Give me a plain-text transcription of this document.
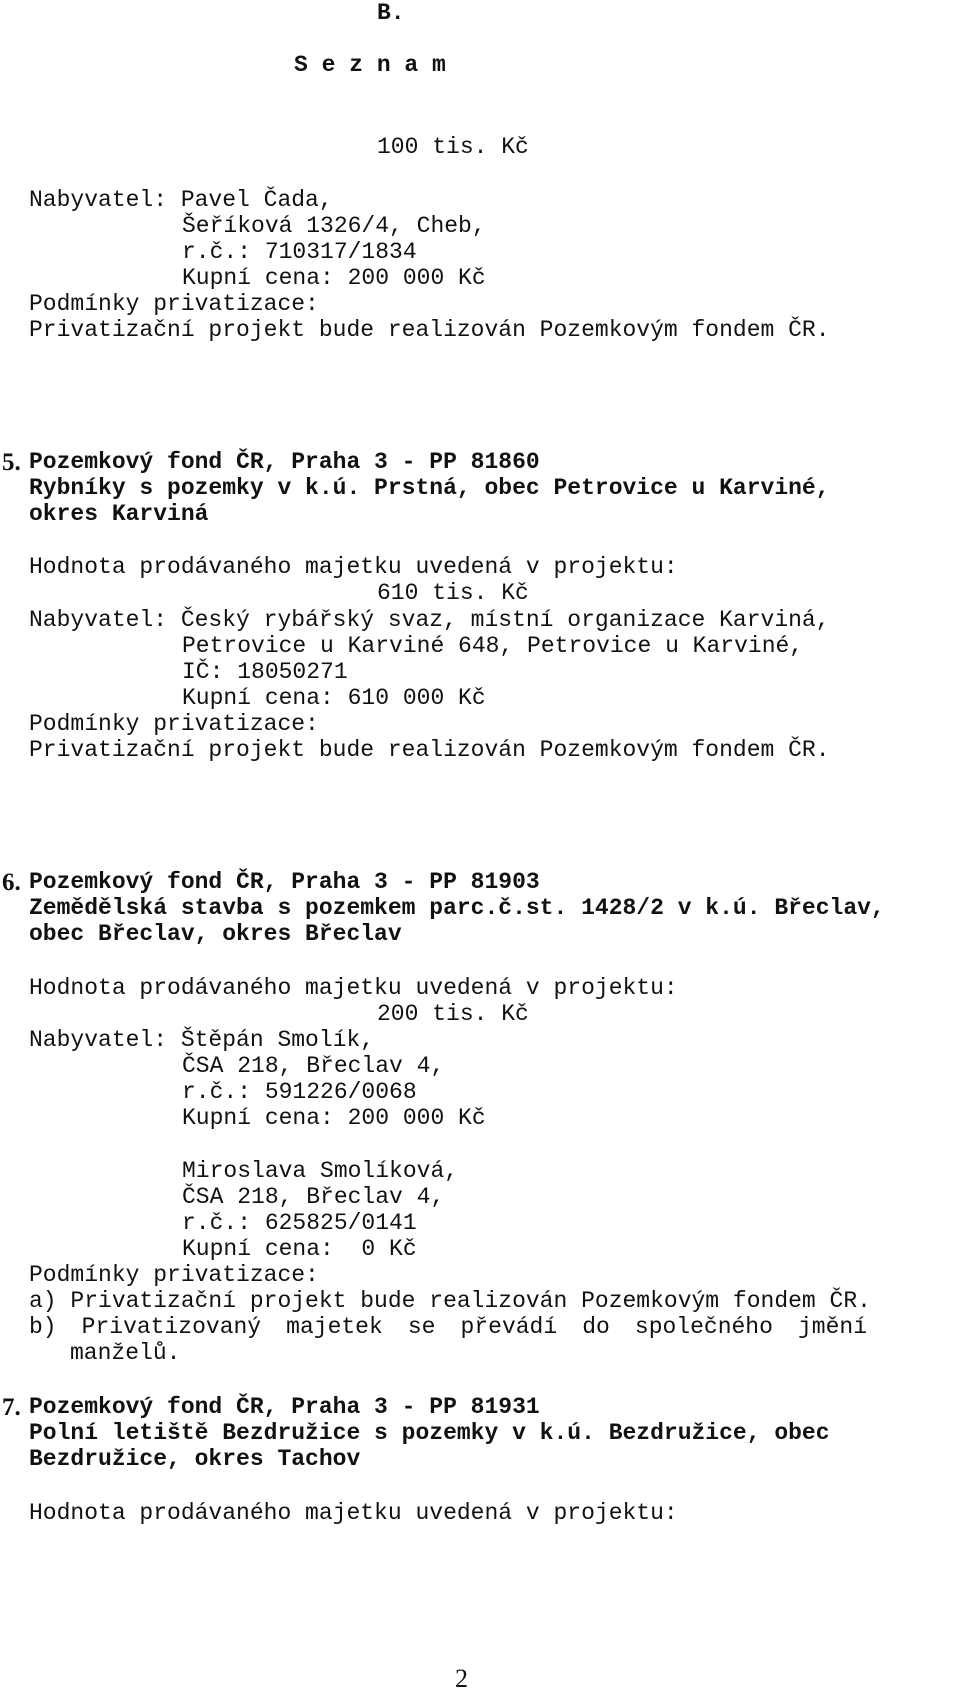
B.
S e z n a m
100 tis. Kč
Nabyvatel: Pavel Čada,
Šeříková 1326/4, Cheb,
r.č.: 710317/1834
Kupní cena: 200 000 Kč
Podmínky privatizace:
Privatizační projekt bude realizován Pozemkovým fondem ČR.
5. Pozemkový fond ČR, Praha 3 - PP 81860
Rybníky s pozemky v k.ú. Prstná, obec Petrovice u Karviné,
okres Karviná
Hodnota prodávaného majetku uvedená v projektu:
610 tis. Kč
Nabyvatel: Český rybářský svaz, místní organizace Karviná,
Petrovice u Karviné 648, Petrovice u Karviné,
IČ: 18050271
Kupní cena: 610 000 Kč
Podmínky privatizace:
Privatizační projekt bude realizován Pozemkovým fondem ČR.
6. Pozemkový fond ČR, Praha 3 - PP 81903
Zemědělská stavba s pozemkem parc.č.st. 1428/2 v k.ú. Břeclav,
obec Břeclav, okres Břeclav
Hodnota prodávaného majetku uvedená v projektu:
200 tis. Kč
Nabyvatel: Štěpán Smolík,
ČSA 218, Břeclav 4,
r.č.: 591226/0068
Kupní cena: 200 000 Kč
Miroslava Smolíková,
ČSA 218, Břeclav 4,
r.č.: 625825/0141
Kupní cena:  0 Kč
Podmínky privatizace:
a) Privatizační projekt bude realizován Pozemkovým fondem ČR.
b) Privatizovaný majetek se převádí do společného jmění
manželů.
7. Pozemkový fond ČR, Praha 3 - PP 81931
Polní letiště Bezdružice s pozemky v k.ú. Bezdružice, obec
Bezdružice, okres Tachov
Hodnota prodávaného majetku uvedená v projektu:
2
